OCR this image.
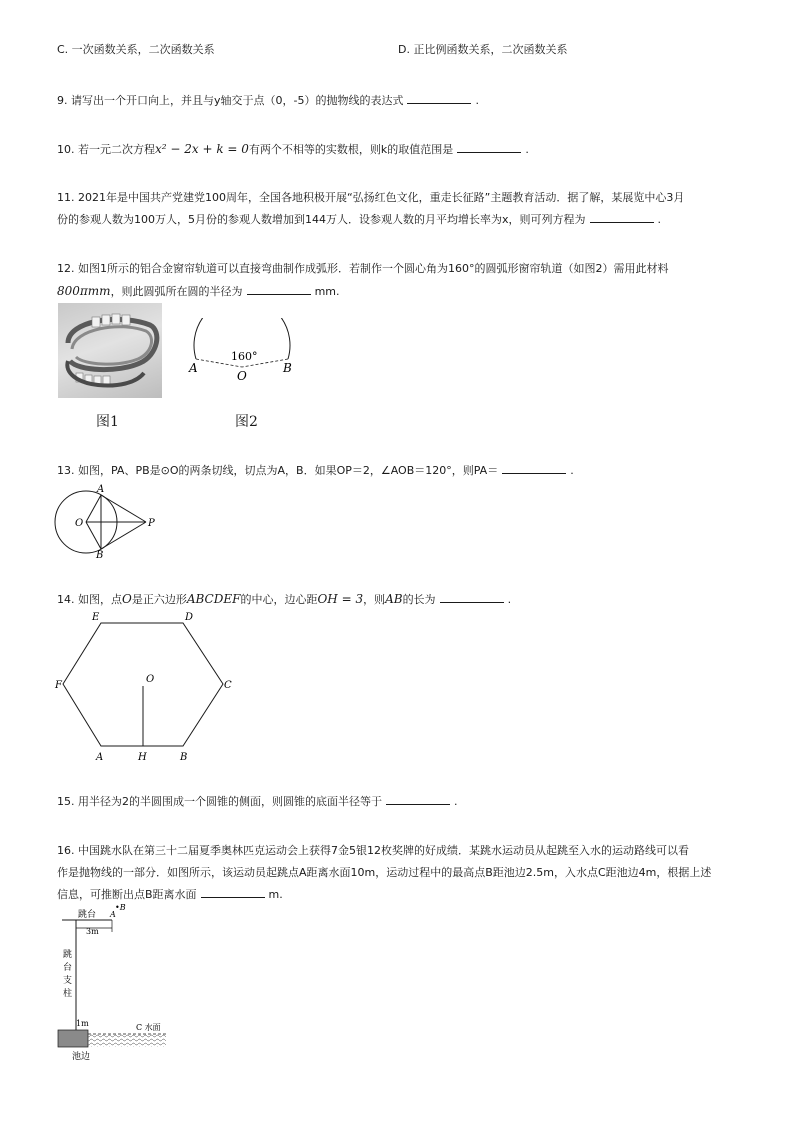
C. 一次函数关系，二次函数关系	D. 正比例函数关系，二次函数关系
9. 请写出一个开口向上，并且与y轴交于点（0，-5）的抛物线的表达式	.
10. 若一元二次方程x² − 2x + k = 0有两个不相等的实数根，则k的取值范围是	.
11. 2021年是中国共产党建党100周年，全国各地积极开展“弘扬红色文化，重走长征路”主题教育活动．据了解，某展览中心3月
份的参观人数为100万人，5月份的参观人数增加到144万人．设参观人数的月平均增长率为x，则可列方程为	.
12. 如图1所示的铝合金窗帘轨道可以直接弯曲制作成弧形．若制作一个圆心角为160°的圆弧形窗帘轨道（如图2）需用此材料
800πmm，则此圆弧所在圆的半径为	mm.
图1
160°
A
O
B
图2
13. 如图，PA、PB是⊙O的两条切线，切点为A，B．如果OP＝2，∠AOB＝120°，则PA＝	.
A
B
O	P
14. 如图，点O是正六边形ABCDEF的中心，边心距OH = 3，则AB的长为	.
E	D
F	C
O
A	H	B
15. 用半径为2的半圆围成一个圆锥的侧面，则圆锥的底面半径等于	.
16. 中国跳水队在第三十二届夏季奥林匹克运动会上获得7金5银12枚奖牌的好成绩．某跳水运动员从起跳至入水的运动路线可以看
作是抛物线的一部分．如图所示，该运动员起跳点A距离水面10m，运动过程中的最高点B距池边2.5m，入水点C距池边4m，根据上述
信息，可推断出点B距离水面	m.
跳台 A
•B
3m
跳
台
支
柱
1m	C 水面
池边
